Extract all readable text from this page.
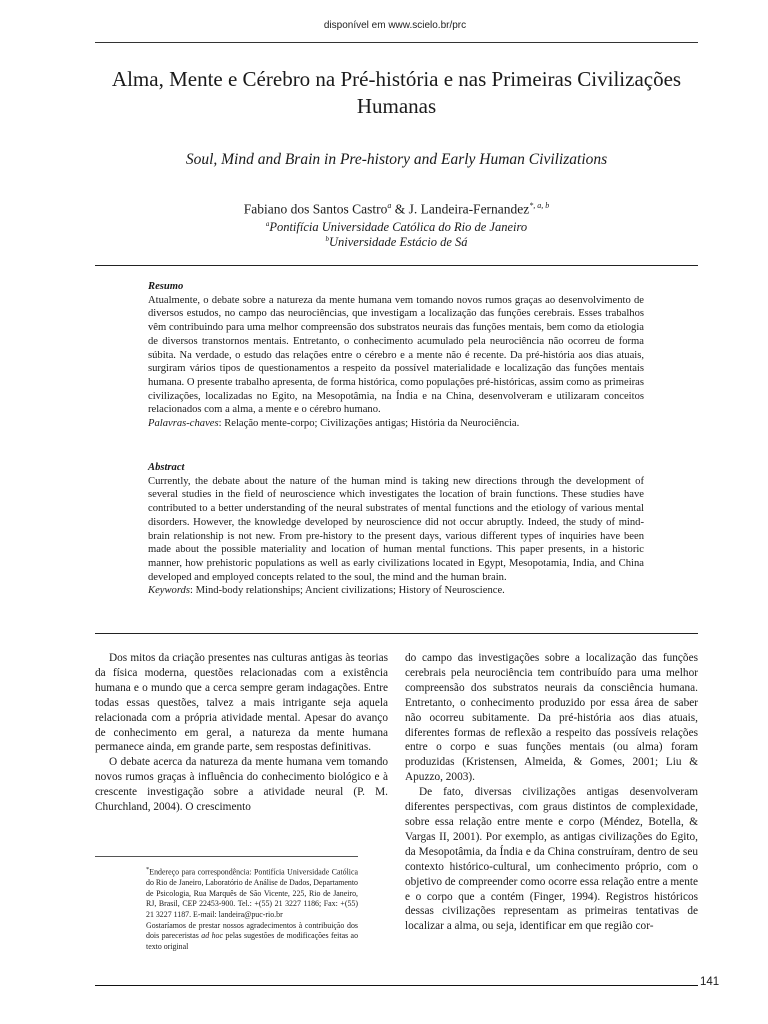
disponível em www.scielo.br/prc
Alma, Mente e Cérebro na Pré-história e nas Primeiras Civilizações Humanas
Soul, Mind and Brain in Pre-history and Early Human Civilizations
Fabiano dos Santos Castro$^a$ & J. Landeira-Fernandez$^{*, a, b}$
$^a$Pontifícia Universidade Católica do Rio de Janeiro
$^b$Universidade Estácio de Sá
Resumo

Atualmente, o debate sobre a natureza da mente humana vem tomando novos rumos graças ao desenvolvimento de diversos estudos, no campo das neurociências, que investigam a localização das funções cerebrais. Esses trabalhos vêm contribuindo para uma melhor compreensão dos substratos neurais das funções mentais, bem como da etiologia de diversos transtornos mentais. Entretanto, o conhecimento acumulado pela neurociência não ocorreu de forma súbita. Na verdade, o estudo das relações entre o cérebro e a mente não é recente. Da pré-história aos dias atuais, surgiram vários tipos de questionamentos a respeito da possível materialidade e localização das funções mentais humana. O presente trabalho apresenta, de forma histórica, como populações pré-históricas, assim como as primeiras civilizações, localizadas no Egito, na Mesopotâmia, na Índia e na China, desenvolveram e utilizaram conceitos relacionados com a alma, a mente e o cérebro humano.

Palavras-chaves: Relação mente-corpo; Civilizações antigas; História da Neurociência.

Abstract

Currently, the debate about the nature of the human mind is taking new directions through the development of several studies in the field of neuroscience which investigates the location of brain functions. These studies have contributed to a better understanding of the neural substrates of mental functions and the etiology of various mental disorders. However, the knowledge developed by neuroscience did not occur abruptly. Indeed, the study of mind-brain relationship is not new. From pre-history to the present days, various different types of inquiries have been made about the possible materiality and location of human mental functions. This paper presents, in a historic manner, how prehistoric populations as well as early civilizations located in Egypt, Mesopotamia, India, and China developed and employed concepts related to the soul, the mind and the human brain.

Keywords: Mind-body relationships; Ancient civilizations; History of Neuroscience.

Dos mitos da criação presentes nas culturas antigas às teorias da física moderna, questões relacionadas com a existência humana e o mundo que a cerca sempre geram indagações. Entre todas essas questões, talvez a mais intrigante seja aquela relacionada com a própria atividade mental. Apesar do avanço de conhecimento em geral, a natureza da mente humana permanece ainda, em grande parte, sem respostas definitivas.

O debate acerca da natureza da mente humana vem tomando novos rumos graças à influência do conhecimento biológico e à crescente investigação sobre a atividade neural (P. M. Churchland, 2004). O crescimento

do campo das investigações sobre a localização das funções cerebrais pela neurociência tem contribuído para uma melhor compreensão dos substratos neurais da consciência humana. Entretanto, o conhecimento produzido por essa área de saber não ocorreu subitamente. Da pré-história aos dias atuais, diferentes formas de reflexão a respeito das possíveis relações entre o corpo e suas funções mentais (ou alma) foram produzidas (Kristensen, Almeida, & Gomes, 2001; Liu & Apuzzo, 2003).

De fato, diversas civilizações antigas desenvolveram diferentes perspectivas, com graus distintos de complexidade, sobre essa relação entre mente e corpo (Méndez, Botella, & Vargas II, 2001). Por exemplo, as antigas civilizações do Egito, da Mesopotâmia, da Índia e da China construíram, dentro de seu contexto histórico-cultural, um conhecimento próprio, com o objetivo de compreender como ocorre essa relação entre a mente e o corpo que a contém (Finger, 1994). Registros históricos dessas civilizações representam as primeiras tentativas de localizar a alma, ou seja, identificar em que região cor-

*Endereço para correspondência: Pontifícia Universidade Católica do Rio de Janeiro, Laboratório de Análise de Dados, Departamento de Psicologia, Rua Marquês de São Vicente, 225, Rio de Janeiro, RJ, Brasil, CEP 22453-900. Tel.: +(55) 21 3227 1186; Fax: +(55) 21 3227 1187. E-mail: landeira@puc-rio.br

Gostaríamos de prestar nossos agradecimentos à contribuição dos dois pareceristas ad hoc pelas sugestões de modificações feitas ao texto original

141
